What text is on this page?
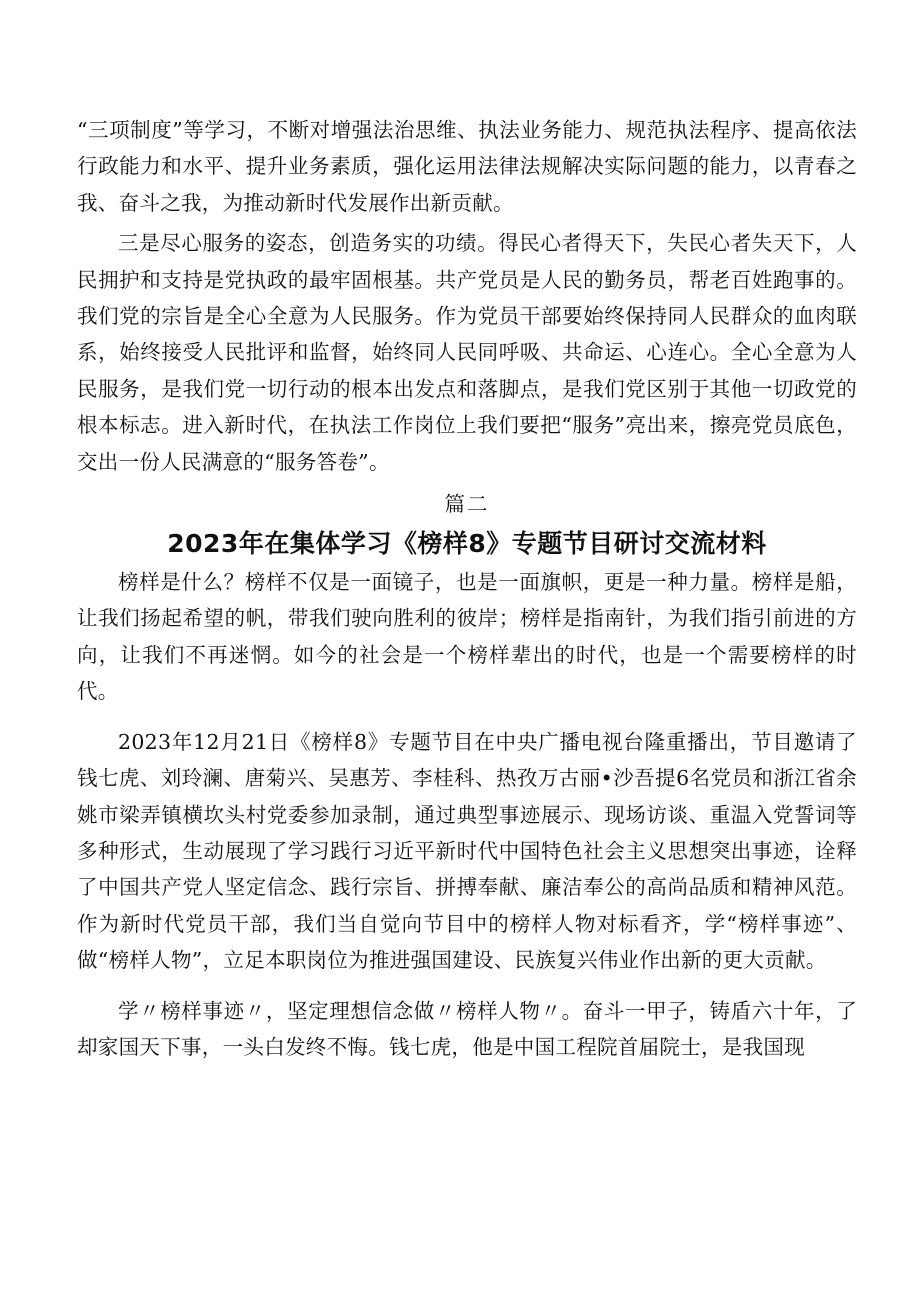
“三项制度”等学习，不断对增强法治思维、执法业务能力、规范执法程序、提高依法行政能力和水平、提升业务素质，强化运用法律法规解决实际问题的能力，以青春之我、奋斗之我，为推动新时代发展作出新贡献。

三是尽心服务的姿态，创造务实的功绩。得民心者得天下，失民心者失天下，人民拥护和支持是党执政的最牢固根基。共产党员是人民的勤务员，帮老百姓跑事的。我们党的宗旨是全心全意为人民服务。作为党员干部要始终保持同人民群众的血肉联系，始终接受人民批评和监督，始终同人民同呼吸、共命运、心连心。全心全意为人民服务，是我们党一切行动的根本出发点和落脚点，是我们党区别于其他一切政党的根本标志。进入新时代，在执法工作岗位上我们要把“服务”亮出来，擦亮党员底色，交出一份人民满意的“服务答卷”。

篇二
2023年在集体学习《榜样8》专题节目研讨交流材料

榜样是什么？榜样不仅是一面镜子，也是一面旗帜，更是一种力量。榜样是船，让我们扬起希望的帆，带我们驶向胜利的彼岸；榜样是指南针，为我们指引前进的方向，让我们不再迷惘。如今的社会是一个榜样辈出的时代，也是一个需要榜样的时代。

2023年12月21日《榜样8》专题节目在中央广播电视台隆重播出，节目邀请了钱七虎、刘玲澜、唐菊兴、吴惠芳、李桂科、热孜万古丽•沙吾提6名党员和浙江省余姚市梁弄镇横坎头村党委参加录制，通过典型事迹展示、现场访谈、重温入党誓词等多种形式，生动展现了学习践行习近平新时代中国特色社会主义思想突出事迹，诠释了中国共产党人坚定信念、践行宗旨、拼搏奉献、廉洁奉公的高尚品质和精神风范。作为新时代党员干部，我们当自觉向节目中的榜样人物对标看齐，学“榜样事迹”、做“榜样人物”，立足本职岗位为推进强国建设、民族复兴伟业作出新的更大贡献。

学〃榜样事迹〃，坚定理想信念做〃榜样人物〃。奋斗一甲子，铸盾六十年，了却家国天下事，一头白发终不悔。钱七虎，他是中国工程院首届院士，是我国现
